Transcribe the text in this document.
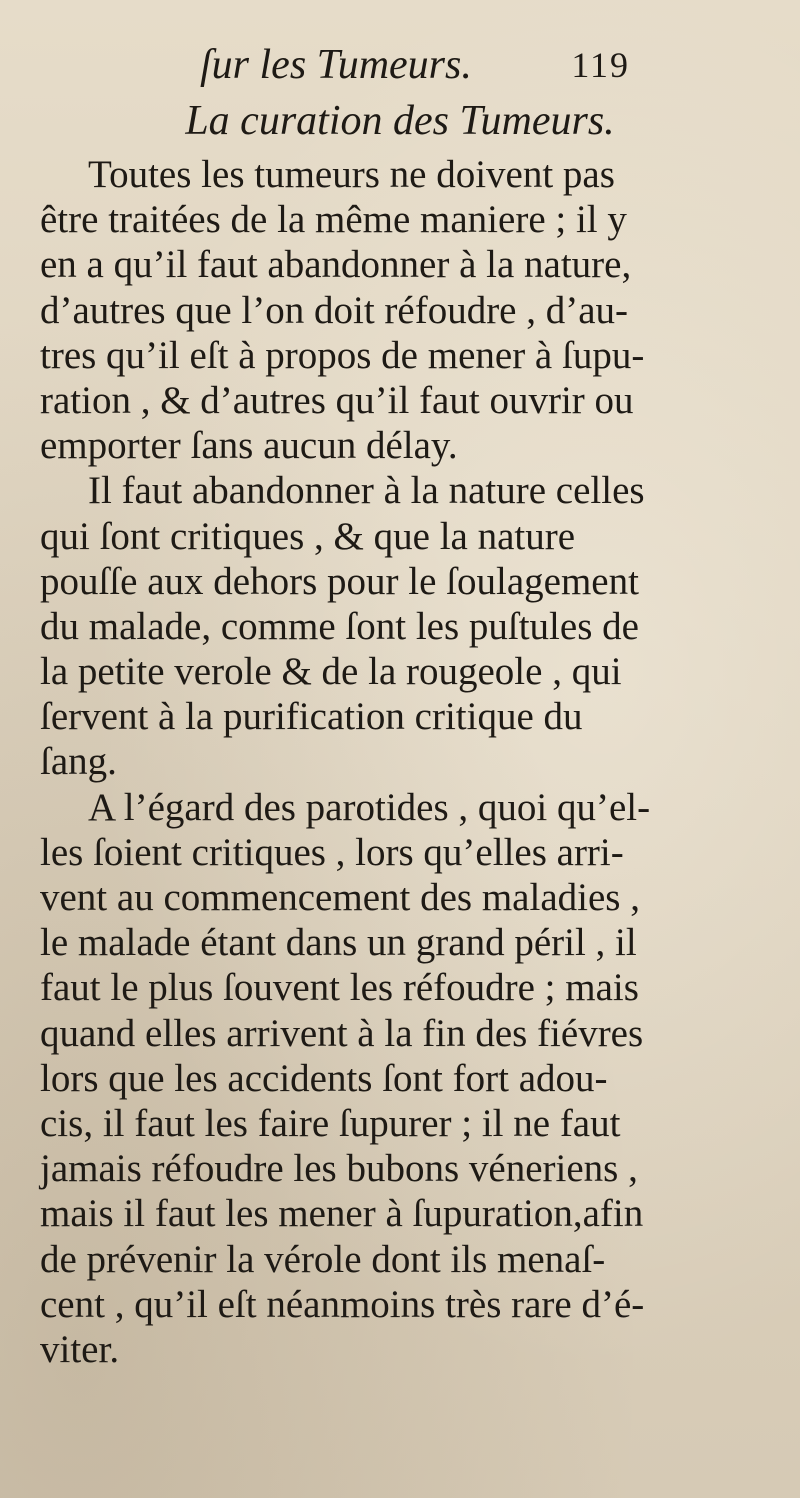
ſur les Tumeurs.	119
La curation des Tumeurs.
Toutes les tumeurs ne doivent pas
être traitées de la même maniere ; il y
en a qu’il faut abandonner à la nature,
d’autres que l’on doit réfoudre , d’au-
tres qu’il eſt à propos de mener à ſupu-
ration , & d’autres qu’il faut ouvrir ou
emporter ſans aucun délay.
Il faut abandonner à la nature celles
qui ſont critiques , & que la nature
pouſſe aux dehors pour le ſoulagement
du malade, comme ſont les puſtules de
la petite verole & de la rougeole , qui
ſervent à la purification critique du
ſang.
A l’égard des parotides , quoi qu’el-
les ſoient critiques , lors qu’elles arri-
vent au commencement des maladies ,
le malade étant dans un grand péril , il
faut le plus ſouvent les réfoudre ; mais
quand elles arrivent à la fin des fiévres
lors que les accidents ſont fort adou-
cis, il faut les faire ſupurer ; il ne faut
jamais réfoudre les bubons véneriens ,
mais il faut les mener à ſupuration,afin
de prévenir la vérole dont ils menaſ-
cent , qu’il eſt néanmoins très rare d’é-
viter.
